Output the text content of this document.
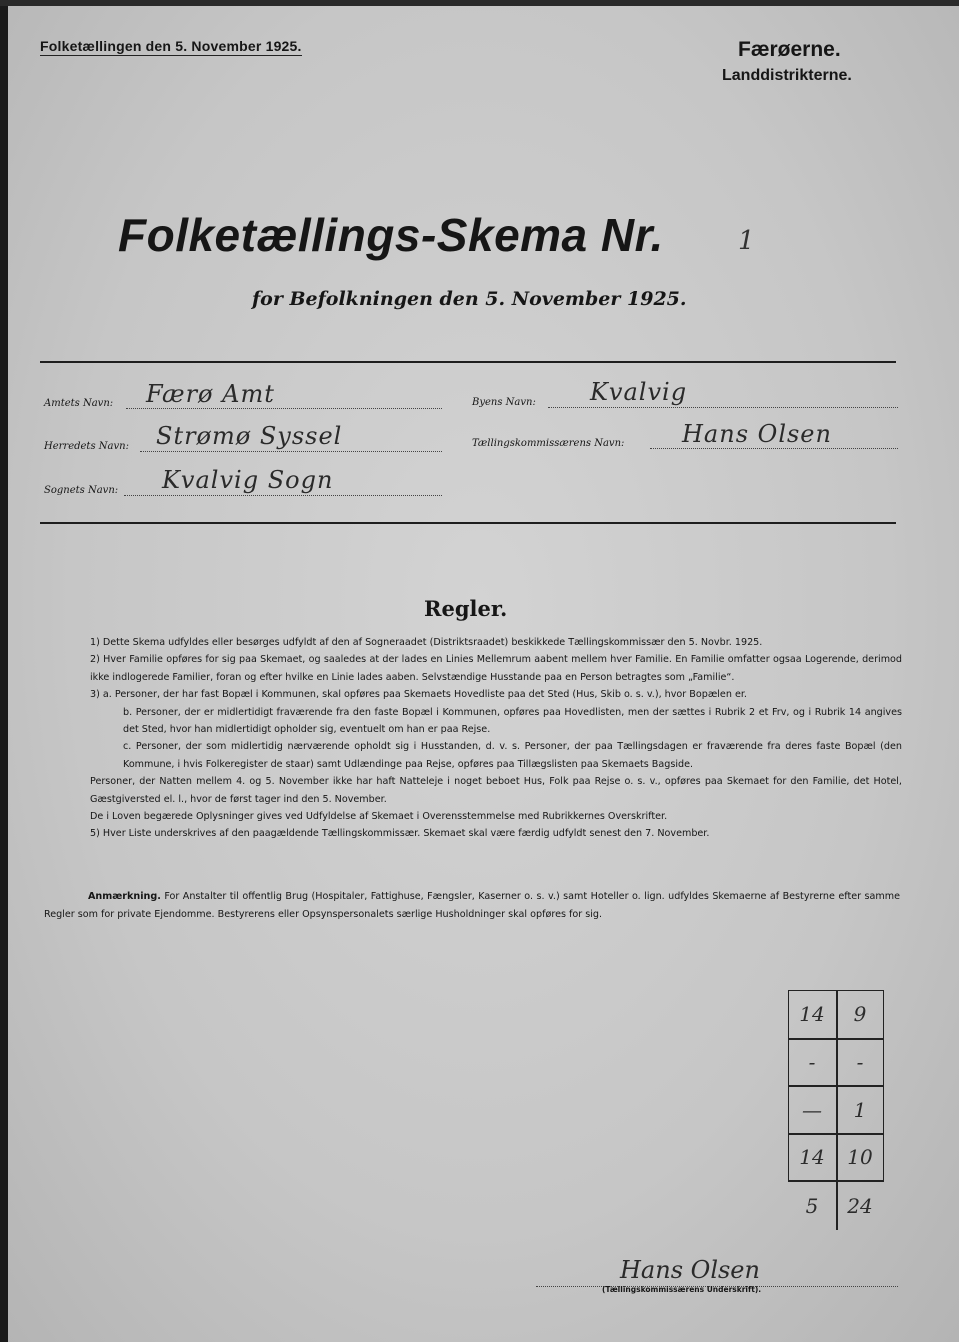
Folketællingen den 5. November 1925.	Færøerne.
Landdistrikterne.
Folketællings-Skema Nr.	1
for Befolkningen den 5. November 1925.
Amtets Navn: Færø Amt
Herredets Navn: Strømø Syssel
Sognets Navn: Kvalvig Sogn
Byens Navn: Kvalvig
Tællingskommissærens Navn: Hans Olsen
Regler.

1) Dette Skema udfyldes eller besørges udfyldt af den af Sogneraadet (Distriktsraadet) beskikkede Tællingskommissær den 5. Novbr. 1925.

2) Hver Familie opføres for sig paa Skemaet, og saaledes at der lades en Linies Mellemrum aabent mellem hver Familie. En Familie omfatter ogsaa Logerende, derimod ikke indlogerede Familier, foran og efter hvilke en Linie lades aaben. Selvstændige Husstande paa en Person betragtes som „Familie“.

3) a. Personer, der har fast Bopæl i Kommunen, skal opføres paa Skemaets Hovedliste paa det Sted (Hus, Skib o. s. v.), hvor Bopælen er.

b. Personer, der er midlertidigt fraværende fra den faste Bopæl i Kommunen, opføres paa Hovedlisten, men der sættes i Rubrik 2 et Frv, og i Rubrik 14 angives det Sted, hvor han midlertidigt opholder sig, eventuelt om han er paa Rejse.

c. Personer, der som midlertidig nærværende opholdt sig i Husstanden, d. v. s. Personer, der paa Tællingsdagen er fraværende fra deres faste Bopæl (den Kommune, i hvis Folkeregister de staar) samt Udlændinge paa Rejse, opføres paa Tillægslisten paa Skemaets Bagside.

Personer, der Natten mellem 4. og 5. November ikke har haft Natteleje i noget beboet Hus, Folk paa Rejse o. s. v., opføres paa Skemaet for den Familie, det Hotel, Gæstgiversted el. l., hvor de først tager ind den 5. November.

De i Loven begærede Oplysninger gives ved Udfyldelse af Skemaet i Overensstemmelse med Rubrikkernes Overskrifter.

5) Hver Liste underskrives af den paagældende Tællingskommissær. Skemaet skal være færdig udfyldt senest den 7. November.

Anmærkning. For Anstalter til offentlig Brug (Hospitaler, Fattighuse, Fængsler, Kaserner o. s. v.) samt Hoteller o. lign. udfyldes Skemaerne af Bestyrerne efter samme Regler som for private Ejendomme. Bestyrerens eller Opsynspersonalets særlige Husholdninger skal opføres for sig.
14	9
-	-
—	1
14	10
5	24
Hans Olsen
(Tællingskommissærens Underskrift).
